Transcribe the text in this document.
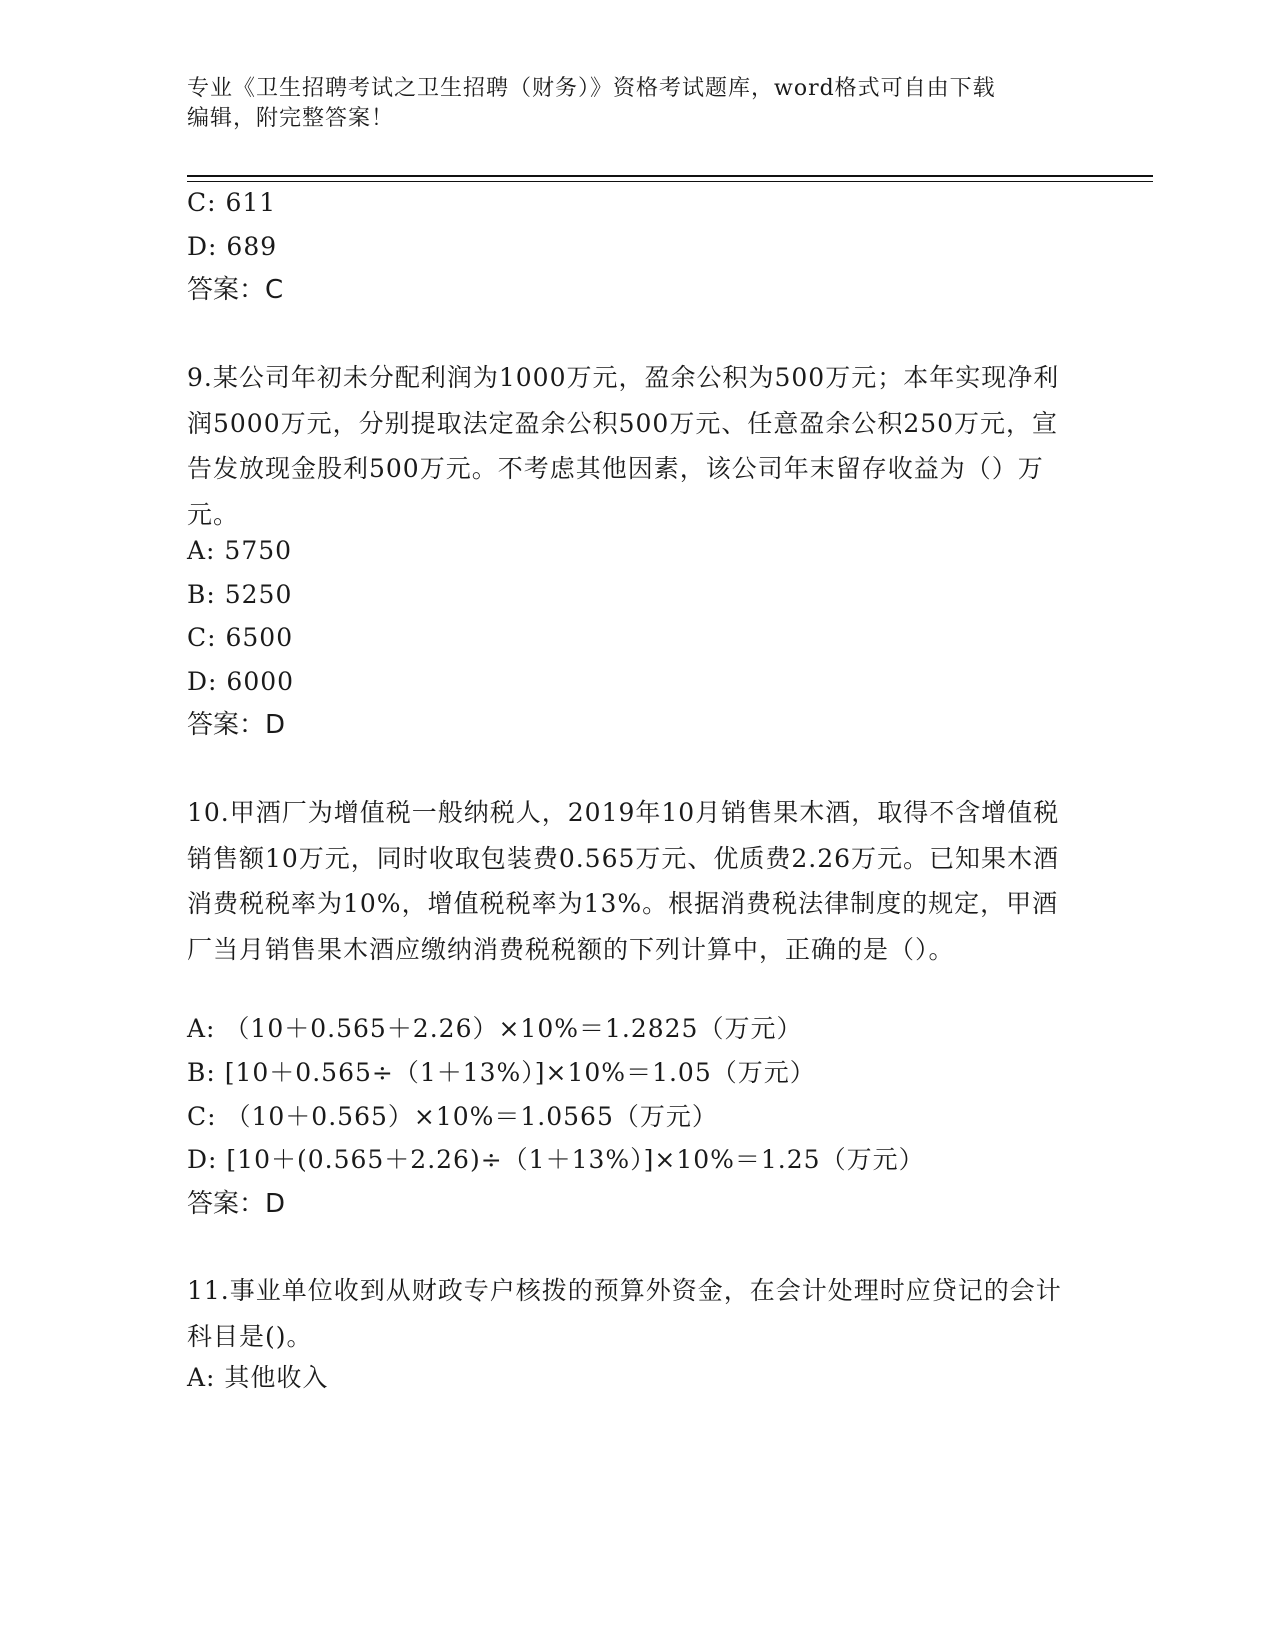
专业《卫生招聘考试之卫生招聘（财务）》资格考试题库，word格式可自由下载
编辑，附完整答案！
C: 611
D: 689
答案：C
9.某公司年初未分配利润为1000万元，盈余公积为500万元；本年实现净利润5000万元，分别提取法定盈余公积500万元、任意盈余公积250万元，宣告发放现金股利500万元。不考虑其他因素，该公司年末留存收益为（）万元。
A: 5750
B: 5250
C: 6500
D: 6000
答案：D
10.甲酒厂为增值税一般纳税人，2019年10月销售果木酒，取得不含增值税销售额10万元，同时收取包装费0.565万元、优质费2.26万元。已知果木酒消费税税率为10%，增值税税率为13%。根据消费税法律制度的规定，甲酒厂当月销售果木酒应缴纳消费税税额的下列计算中，正确的是（）。
A: （10＋0.565＋2.26）×10%＝1.2825（万元）
B: [10＋0.565÷（1＋13%）]×10%＝1.05（万元）
C: （10＋0.565）×10%＝1.0565（万元）
D: [10＋(0.565＋2.26)÷（1＋13%）]×10%＝1.25（万元）
答案：D
11.事业单位收到从财政专户核拨的预算外资金，在会计处理时应贷记的会计科目是()。
A: 其他收入
